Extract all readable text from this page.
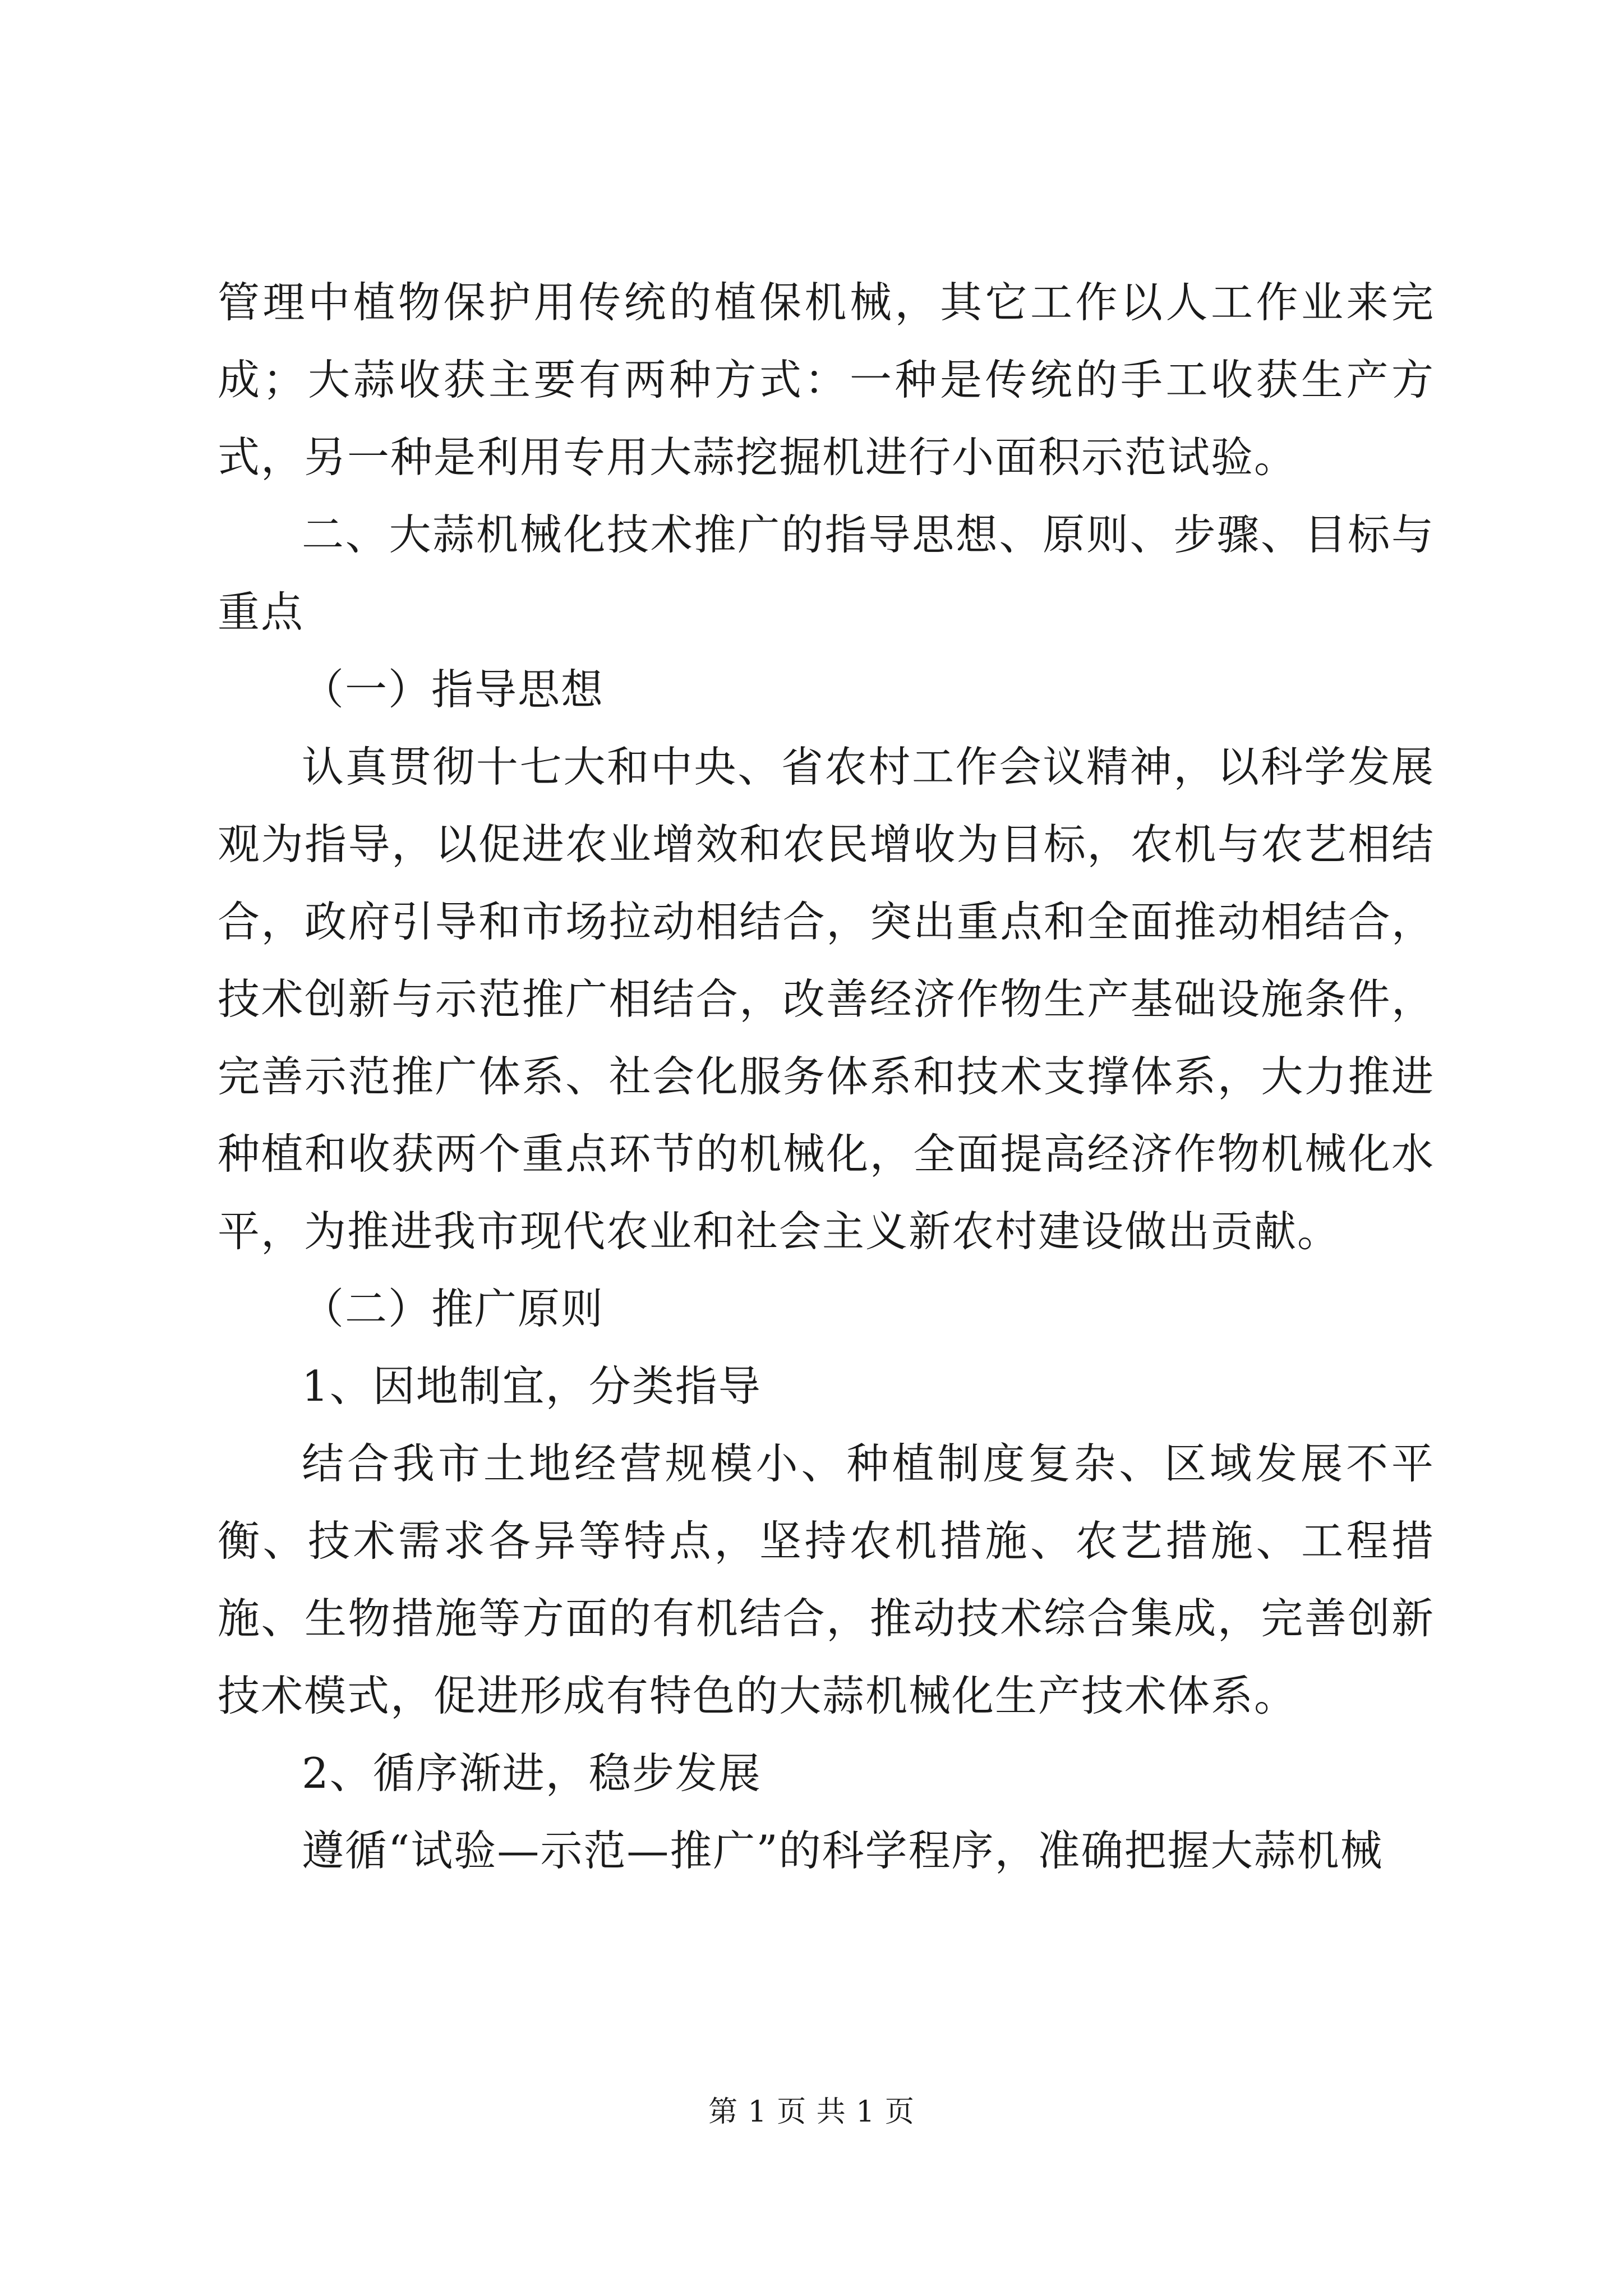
管理中植物保护用传统的植保机械，其它工作以人工作业来完成；大蒜收获主要有两种方式：一种是传统的手工收获生产方式，另一种是利用专用大蒜挖掘机进行小面积示范试验。

二、大蒜机械化技术推广的指导思想、原则、步骤、目标与重点

（一）指导思想

认真贯彻十七大和中央、省农村工作会议精神，以科学发展观为指导，以促进农业增效和农民增收为目标，农机与农艺相结合，政府引导和市场拉动相结合，突出重点和全面推动相结合，技术创新与示范推广相结合，改善经济作物生产基础设施条件，完善示范推广体系、社会化服务体系和技术支撑体系，大力推进种植和收获两个重点环节的机械化，全面提高经济作物机械化水平，为推进我市现代农业和社会主义新农村建设做出贡献。

（二）推广原则

1、因地制宜，分类指导

结合我市土地经营规模小、种植制度复杂、区域发展不平衡、技术需求各异等特点，坚持农机措施、农艺措施、工程措施、生物措施等方面的有机结合，推动技术综合集成，完善创新技术模式，促进形成有特色的大蒜机械化生产技术体系。

2、循序渐进，稳步发展

遵循“试验—示范—推广”的科学程序，准确把握大蒜机械

第 1 页 共 1 页
